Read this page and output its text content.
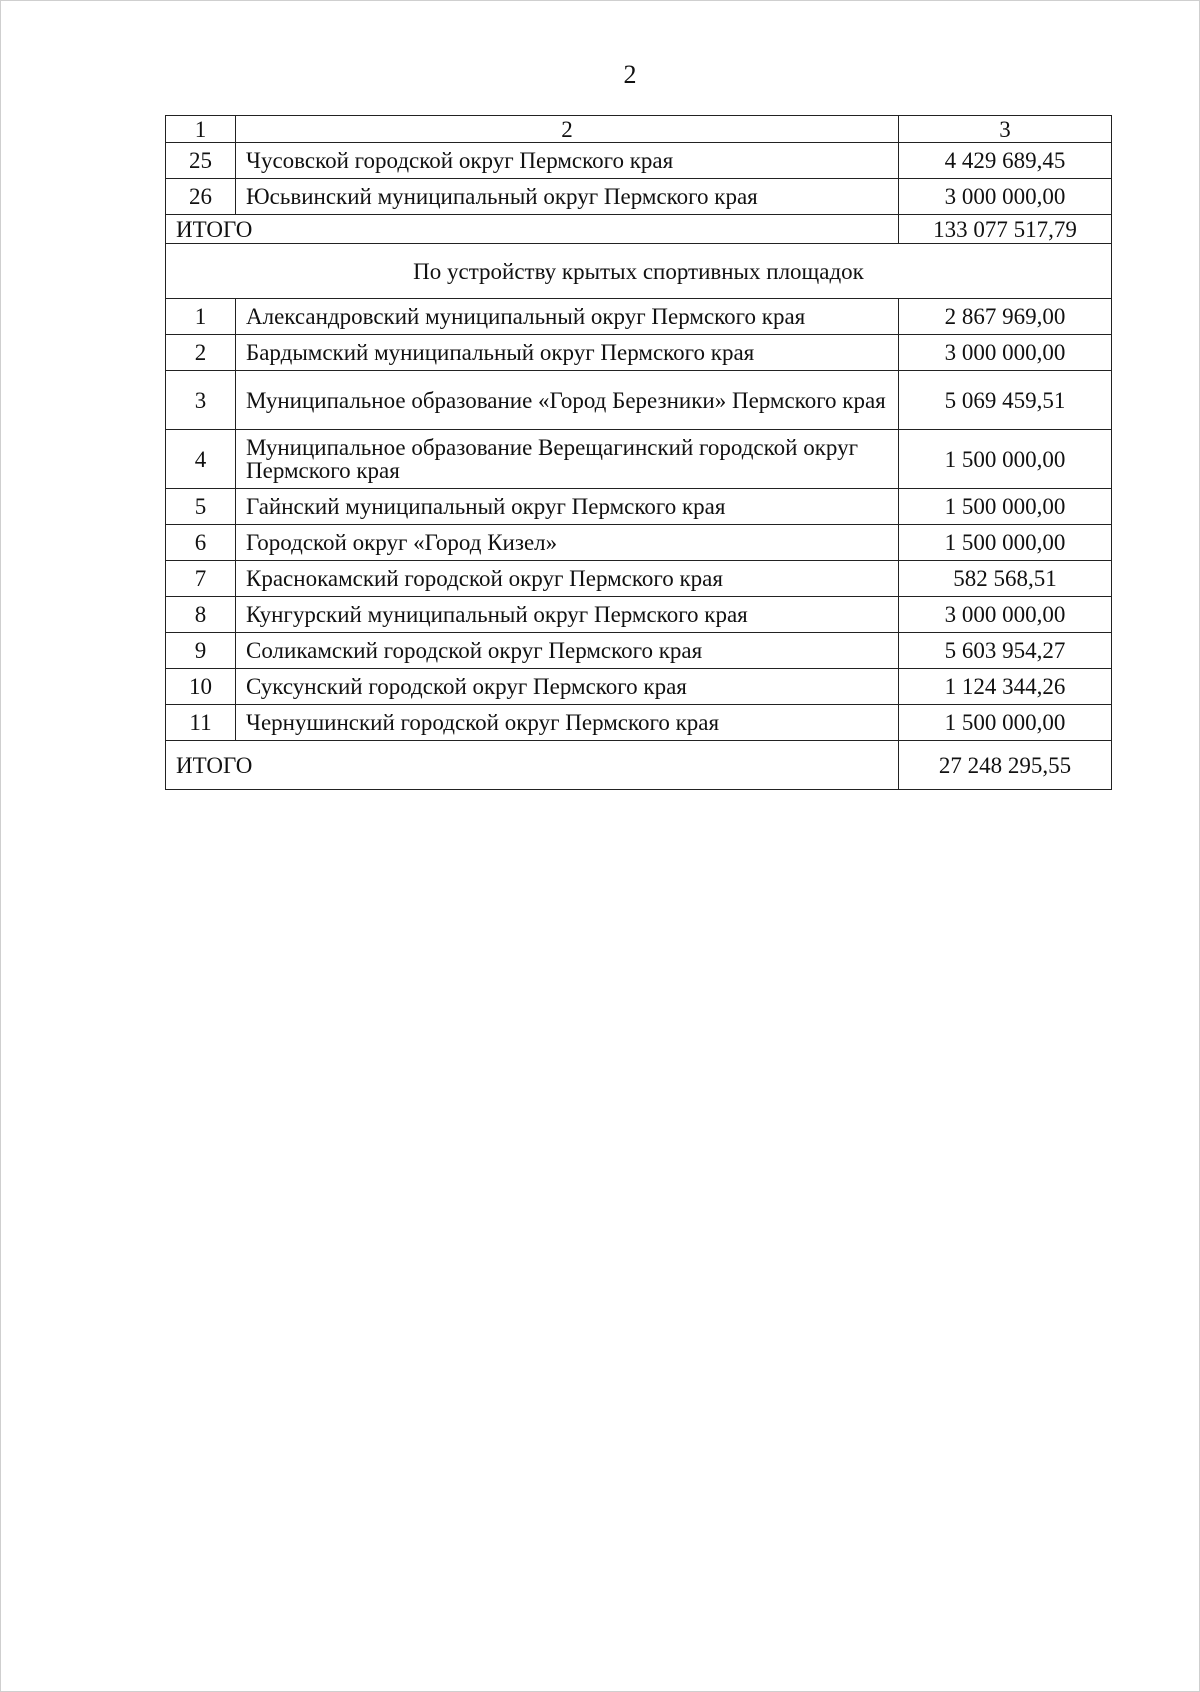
2
1	2	3
25	Чусовской городской округ Пермского края	4 429 689,45
26	Юсьвинский муниципальный округ Пермского края	3 000 000,00
ИТОГО		133 077 517,79
По устройству крытых спортивных площадок		
1	Александровский муниципальный округ Пермского края	2 867 969,00
2	Бардымский муниципальный округ Пермского края	3 000 000,00
3	Муниципальное образование «Город Березники» Пермского края	5 069 459,51
4	Муниципальное образование Верещагинский городской округ Пермского края	1 500 000,00
5	Гайнский муниципальный округ Пермского края	1 500 000,00
6	Городской округ «Город Кизел»	1 500 000,00
7	Краснокамский городской округ Пермского края	582 568,51
8	Кунгурский муниципальный округ Пермского края	3 000 000,00
9	Соликамский городской округ Пермского края	5 603 954,27
10	Суксунский городской округ Пермского края	1 124 344,26
11	Чернушинский городской округ Пермского края	1 500 000,00
ИТОГО		27 248 295,55
